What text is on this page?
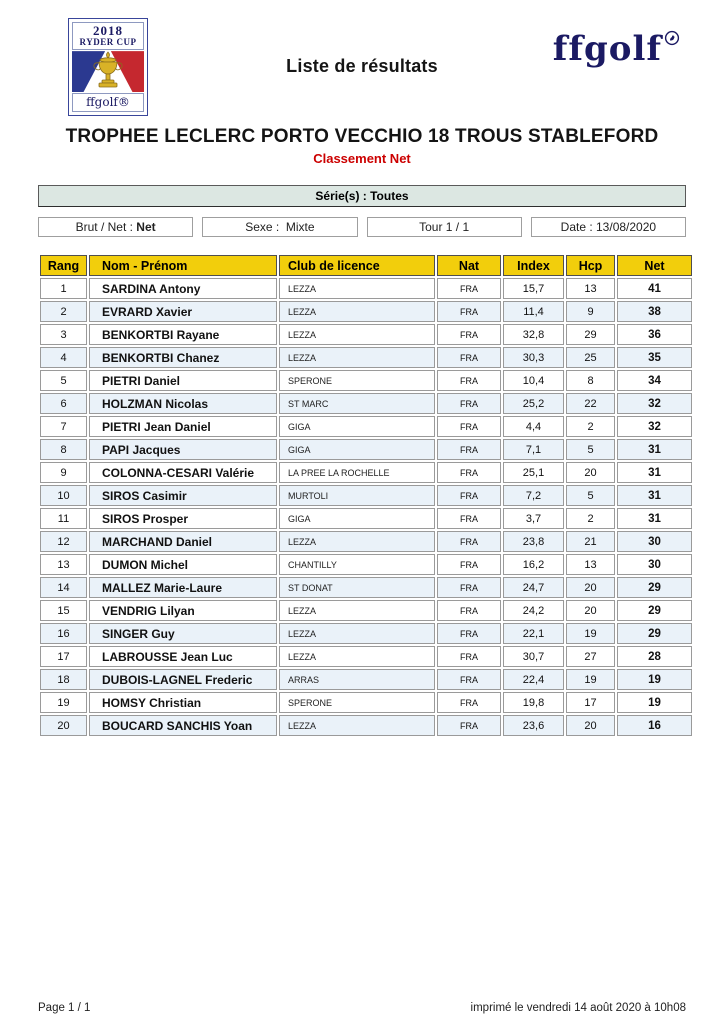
2018
RYDER CUP
ffgolf®
Liste de résultats	ffgolf
TROPHEE LECLERC PORTO VECCHIO 18 TROUS STABLEFORD
Classement Net
Série(s) : Toutes
Brut / Net : Net	Sexe :  Mixte	Tour 1 / 1	Date : 13/08/2020
Rang	Nom - Prénom	Club de licence	Nat	Index	Hcp	Net
1	SARDINA Antony	LEZZA	FRA	15,7	13	41
2	EVRARD Xavier	LEZZA	FRA	11,4	9	38
3	BENKORTBI Rayane	LEZZA	FRA	32,8	29	36
4	BENKORTBI Chanez	LEZZA	FRA	30,3	25	35
5	PIETRI Daniel	SPERONE	FRA	10,4	8	34
6	HOLZMAN Nicolas	ST MARC	FRA	25,2	22	32
7	PIETRI Jean Daniel	GIGA	FRA	4,4	2	32
8	PAPI Jacques	GIGA	FRA	7,1	5	31
9	COLONNA-CESARI Valérie	LA PREE LA ROCHELLE	FRA	25,1	20	31
10	SIROS Casimir	MURTOLI	FRA	7,2	5	31
11	SIROS Prosper	GIGA	FRA	3,7	2	31
12	MARCHAND Daniel	LEZZA	FRA	23,8	21	30
13	DUMON Michel	CHANTILLY	FRA	16,2	13	30
14	MALLEZ Marie-Laure	ST DONAT	FRA	24,7	20	29
15	VENDRIG Lilyan	LEZZA	FRA	24,2	20	29
16	SINGER Guy	LEZZA	FRA	22,1	19	29
17	LABROUSSE Jean Luc	LEZZA	FRA	30,7	27	28
18	DUBOIS-LAGNEL Frederic	ARRAS	FRA	22,4	19	19
19	HOMSY Christian	SPERONE	FRA	19,8	17	19
20	BOUCARD SANCHIS Yoan	LEZZA	FRA	23,6	20	16
Page 1 / 1	imprimé le vendredi 14 août 2020 à 10h08
